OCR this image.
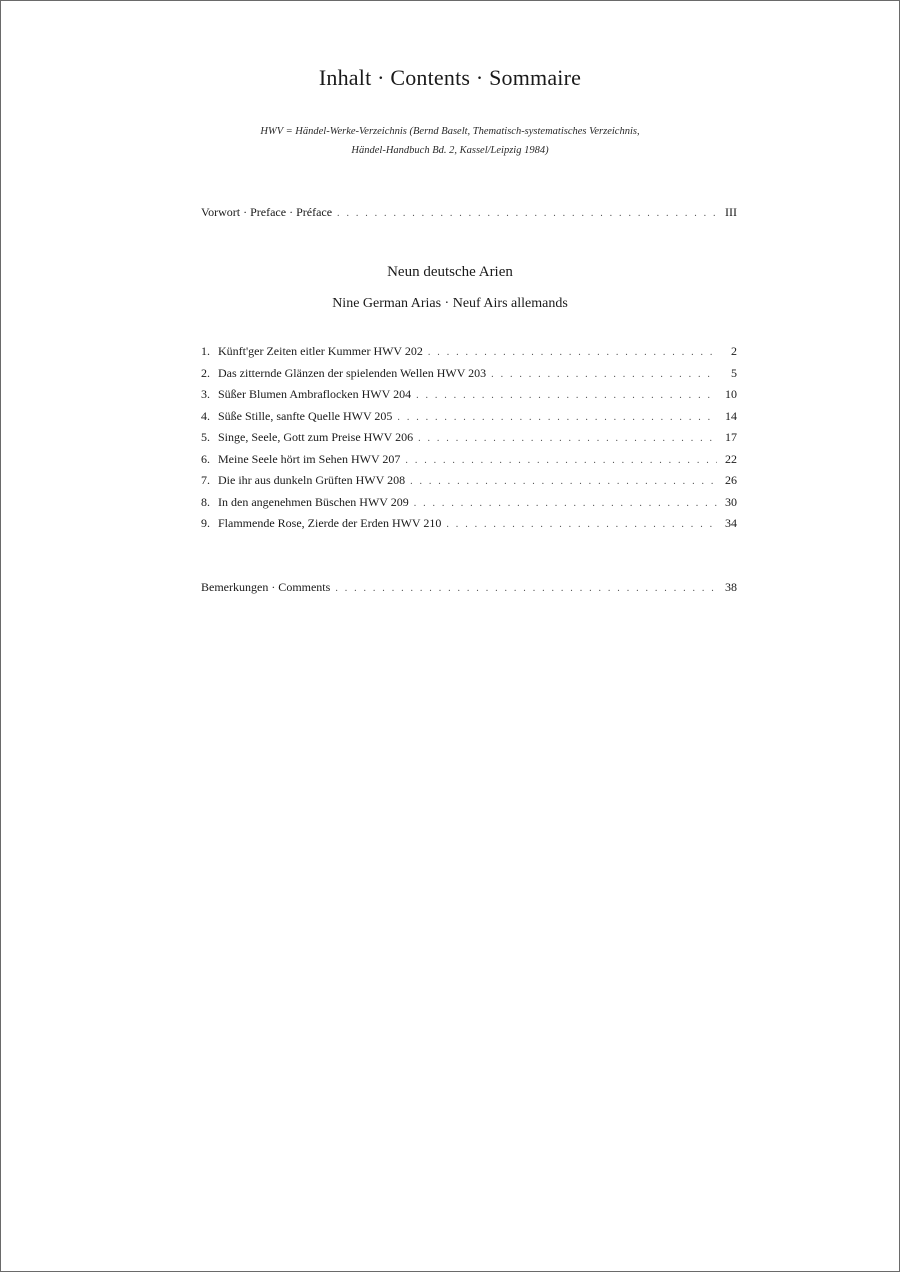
Inhalt · Contents · Sommaire
HWV = Händel-Werke-Verzeichnis (Bernd Baselt, Thematisch-systematisches Verzeichnis,
Händel-Handbuch Bd. 2, Kassel/Leipzig 1984)
Vorwort · Preface · Préface . . .	III
Neun deutsche Arien
Nine German Arias · Neuf Airs allemands
1. Künft'ger Zeiten eitler Kummer HWV 202 . . .	2
2. Das zitternde Glänzen der spielenden Wellen HWV 203 . . .	5
3. Süßer Blumen Ambraflocken HWV 204 . . .	10
4. Süße Stille, sanfte Quelle HWV 205 . . .	14
5. Singe, Seele, Gott zum Preise HWV 206 . . .	17
6. Meine Seele hört im Sehen HWV 207 . . .	22
7. Die ihr aus dunkeln Grüften HWV 208 . . .	26
8. In den angenehmen Büschen HWV 209 . . .	30
9. Flammende Rose, Zierde der Erden HWV 210 . . .	34
Bemerkungen · Comments . . .	38
